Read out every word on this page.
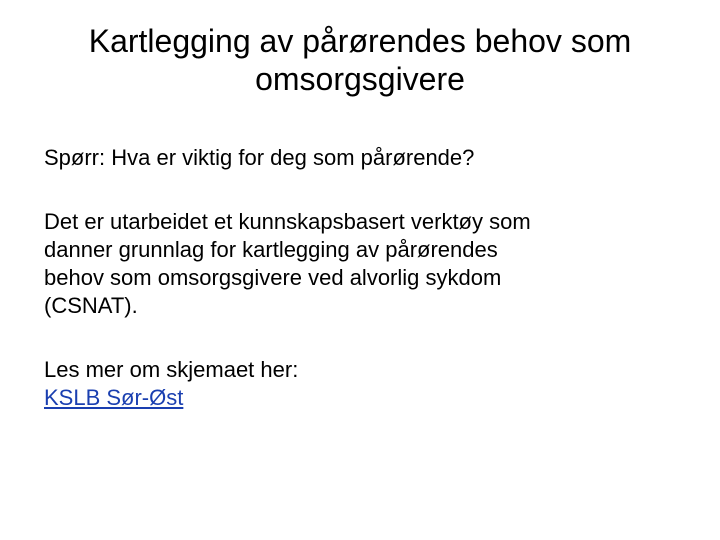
Kartlegging av pårørendes behov som
omsorgsgivere

Spørr: Hva er viktig for deg som pårørende?

Det er utarbeidet et kunnskapsbasert verktøy som
danner grunnlag for kartlegging av pårørendes
behov som omsorgsgivere ved alvorlig sykdom
(CSNAT).
Les mer om skjemaet her:
KSLB Sør-Øst
